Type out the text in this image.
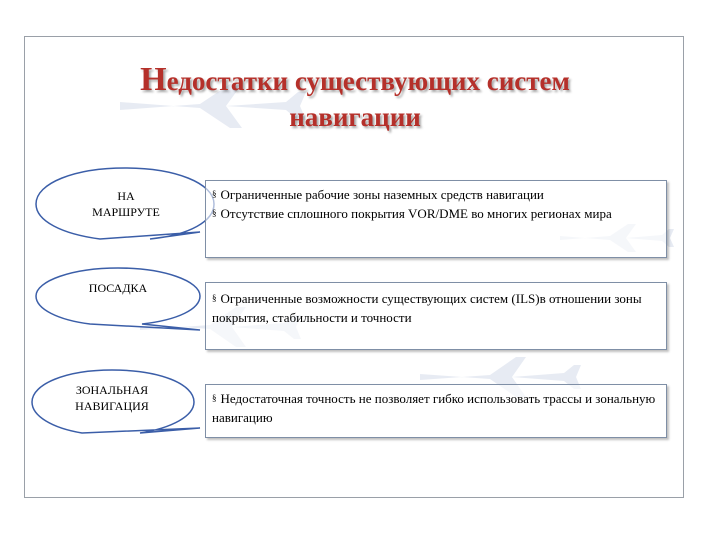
Недостатки существующих систем
навигации
НА
МАРШРУТЕ
ПОСАДКА
ЗОНАЛЬНАЯ
НАВИГАЦИЯ
§ Ограниченные рабочие зоны наземных средств навигации
§ Отсутствие сплошного покрытия VOR/DME во многих регионах мира
§ Ограниченные возможности существующих систем (ILS)в отношении зоны покрытия, стабильности и точности
§ Недостаточная точность не позволяет гибко использовать трассы и зональную навигацию
